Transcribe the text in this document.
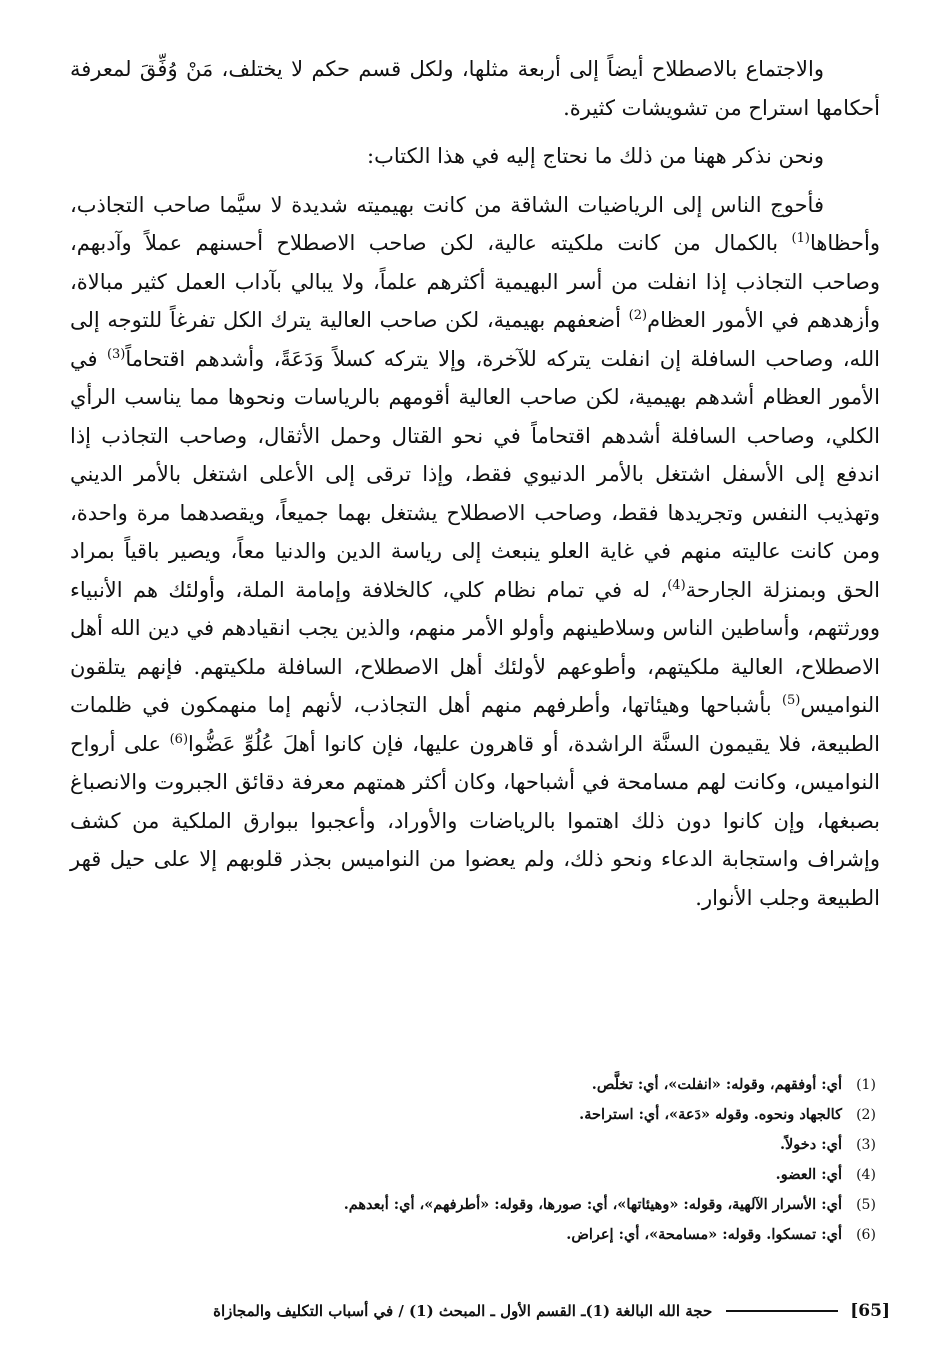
والاجتماع بالاصطلاح أيضاً إلى أربعة مثلها، ولكل قسم حكم لا يختلف، مَنْ وُفِّقَ لمعرفة أحكامها استراح من تشويشات كثيرة.

ونحن نذكر ههنا من ذلك ما نحتاج إليه في هذا الكتاب:

فأحوج الناس إلى الرياضيات الشاقة من كانت بهيميته شديدة لا سيَّما صاحب التجاذب، وأحظاها$^{(1)}$ بالكمال من كانت ملكيته عالية، لكن صاحب الاصطلاح أحسنهم عملاً وآدبهم، وصاحب التجاذب إذا انفلت من أسر البهيمية أكثرهم علماً، ولا يبالي بآداب العمل كثير مبالاة، وأزهدهم في الأمور العظام$^{(2)}$ أضعفهم بهيمية، لكن صاحب العالية يترك الكل تفرغاً للتوجه إلى الله، وصاحب السافلة إن انفلت يتركه للآخرة، وإلا يتركه كسلاً وَدَعَةً، وأشدهم اقتحاماً$^{(3)}$ في الأمور العظام أشدهم بهيمية، لكن صاحب العالية أقومهم بالرياسات ونحوها مما يناسب الرأي الكلي، وصاحب السافلة أشدهم اقتحاماً في نحو القتال وحمل الأثقال، وصاحب التجاذب إذا اندفع إلى الأسفل اشتغل بالأمر الدنيوي فقط، وإذا ترقى إلى الأعلى اشتغل بالأمر الديني وتهذيب النفس وتجريدها فقط، وصاحب الاصطلاح يشتغل بهما جميعاً، ويقصدهما مرة واحدة، ومن كانت عاليته منهم في غاية العلو ينبعث إلى رياسة الدين والدنيا معاً، ويصير باقياً بمراد الحق وبمنزلة الجارحة$^{(4)}$، له في تمام نظام كلي، كالخلافة وإمامة الملة، وأولئك هم الأنبياء وورثتهم، وأساطين الناس وسلاطينهم وأولو الأمر منهم، والذين يجب انقيادهم في دين الله أهل الاصطلاح، العالية ملكيتهم، وأطوعهم لأولئك أهل الاصطلاح، السافلة ملكيتهم. فإنهم يتلقون النواميس$^{(5)}$ بأشباحها وهيئاتها، وأطرفهم منهم أهل التجاذب، لأنهم إما منهمكون في ظلمات الطبيعة، فلا يقيمون السنَّة الراشدة، أو قاهرون عليها، فإن كانوا أهلَ عُلُوِّ عَضُّوا$^{(6)}$ على أرواح النواميس، وكانت لهم مسامحة في أشباحها، وكان أكثر همتهم معرفة دقائق الجبروت والانصباغ بصبغها، وإن كانوا دون ذلك اهتموا بالرياضات والأوراد، وأعجبوا ببوارق الملكية من كشف وإشراف واستجابة الدعاء ونحو ذلك، ولم يعضوا من النواميس بجذر قلوبهم إلا على حيل قهر الطبيعة وجلب الأنوار.

(1)
أي: أوفقهم، وقوله: «انفلت»، أي: تخلَّص.
(2)
كالجهاد ونحوه. وقوله «دَعة»، أي: استراحة.
(3)
أي: دخولاً.
(4)
أي: العضو.
(5)
أي: الأسرار الآلهية، وقوله: «وهيئاتها»، أي: صورها، وقوله: «أطرفهم»، أي: أبعدهم.
(6)
أي: تمسكوا. وقوله: «مسامحة»، أي: إعراض.
[65]
حجة الله البالغة (1)ـ القسم الأول ـ المبحث (1) / في أسباب التكليف والمجازاة
